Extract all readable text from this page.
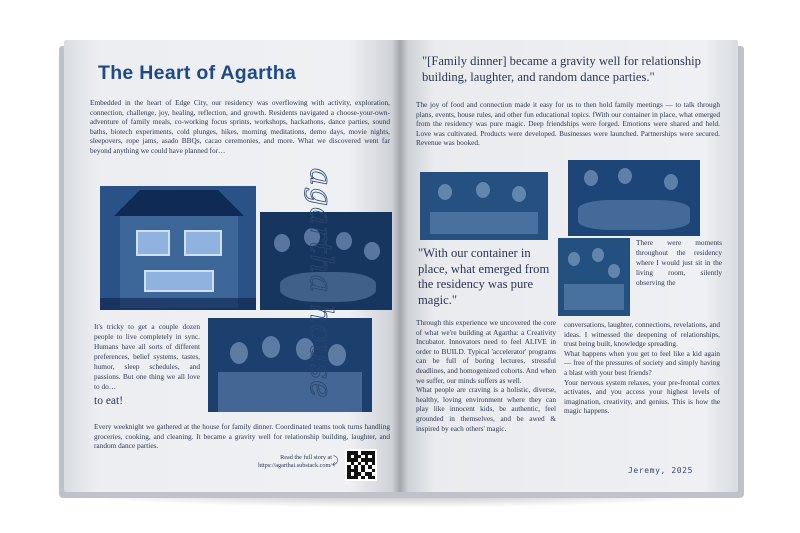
The Heart of Agartha
Embedded in the heart of Edge City, our residency was overflowing with activity, exploration, connection, challenge, joy, healing, reflection, and growth. Residents navigated a choose-your-own-adventure of family meals, co-working focus sprints, workshops, hackathons, dance parties, sound baths, biotech experiments, cold plunges, hikes, morning meditations, demo days, movie nights, sleepovers, rope jams, asado BBQs, cacao ceremonies, and more. What we discovered went far beyond anything we could have planned for…
It's tricky to get a couple dozen people to live completely in sync. Humans have all sorts of different preferences, belief systems, tastes, humor, sleep schedules, and passions. But one thing we all love to do…
to eat!
Every weeknight we gathered at the house for family dinner. Coordinated teams took turns handling groceries, cooking, and cleaning. It became a gravity well for relationship building, laughter, and random dance parties.
Read the full story at
https://agarthai.substack.com/ ⤸
"[Family dinner] became a gravity well for relationship building, laughter, and random dance parties."
The joy of food and connection made it easy for us to then hold family meetings — to talk through plans, events, house rules, and other fun educational topics. fWith our container in place, what emerged from the residency was pure magic. Deep friendships were forged. Emotions were shared and held. Love was cultivated. Products were developed. Businesses were launched. Partnerships were secured. Revenue was booked.
"With our container in place, what emerged from the residency was pure magic."
There were moments throughout the residency where I would just sit in the living room, silently observing the
Through this experience we uncovered the core of what we're building at Agartha: a Creativity Incubator. Innovators need to feel ALIVE in order to BUILD. Typical 'accelerator' programs can be full of boring lectures, stressful deadlines, and homogenized cohorts. And when we suffer, our minds suffers as well.
What people are craving is a holistic, diverse, healthy, loving environment where they can play like innocent kids, be authentic, feel grounded in themselves, and be awed & inspired by each others' magic.
conversations, laughter, connections, revelations, and ideas. I witnessed the deepening of relationships, trust being built, knowledge spreading.
What happens when you get to feel like a kid again — free of the pressures of society and simply having a blast with your best friends?
Your nervous system relaxes, your pre-frontal cortex activates, and you access your highest levels of imagination, creativity, and genius. This is how the magic happens.
Jeremy, 2025
agartha house
